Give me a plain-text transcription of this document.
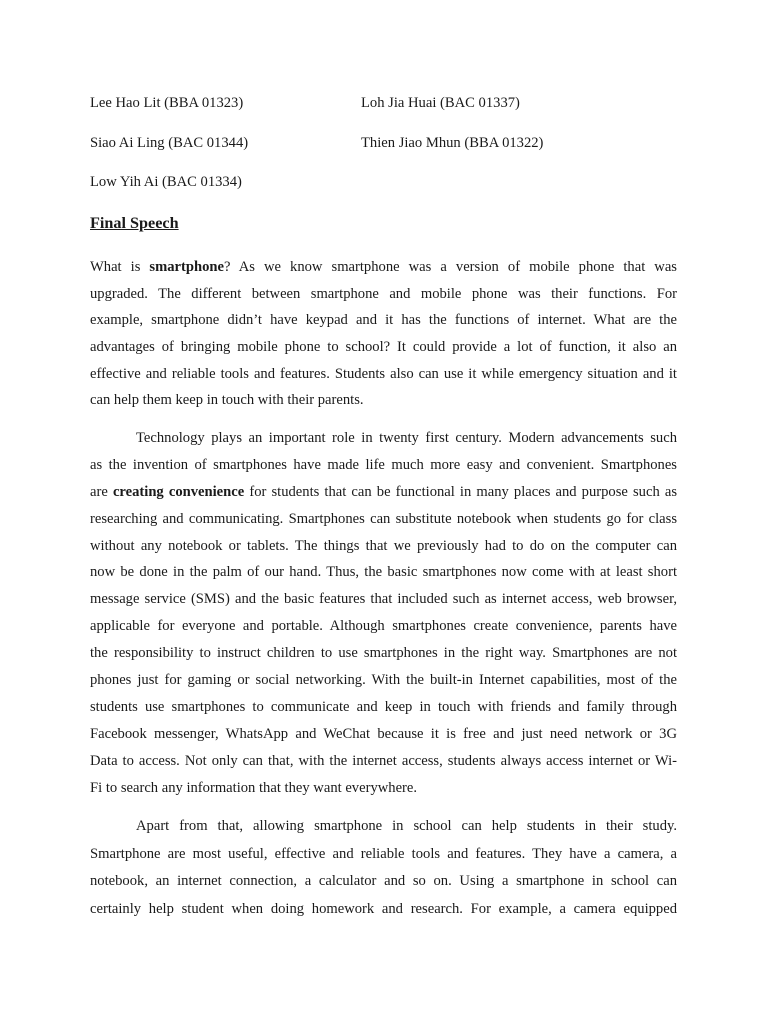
Lee Hao Lit (BBA 01323)	Loh Jia Huai (BAC 01337)
Siao Ai Ling (BAC 01344)	Thien Jiao Mhun (BBA 01322)
Low Yih Ai (BAC 01334)
Final Speech
What is smartphone? As we know smartphone was a version of mobile phone that was
upgraded. The different between smartphone and mobile phone was their functions. For
example, smartphone didn’t have keypad and it has the functions of internet. What are the
advantages of bringing mobile phone to school? It could provide a lot of function, it also an
effective and reliable tools and features. Students also can use it while emergency situation and it
can help them keep in touch with their parents.
Technology plays an important role in twenty first century. Modern advancements such
as the invention of smartphones have made life much more easy and convenient. Smartphones
are creating convenience for students that can be functional in many places and purpose such as
researching and communicating. Smartphones can substitute notebook when students go for class
without any notebook or tablets. The things that we previously had to do on the computer can
now be done in the palm of our hand. Thus, the basic smartphones now come with at least short
message service (SMS) and the basic features that included such as internet access, web browser,
applicable for everyone and portable. Although smartphones create convenience, parents have
the responsibility to instruct children to use smartphones in the right way. Smartphones are not
phones just for gaming or social networking. With the built-in Internet capabilities, most of the
students use smartphones to communicate and keep in touch with friends and family through
Facebook messenger, WhatsApp and WeChat because it is free and just need network or 3G
Data to access. Not only can that, with the internet access, students always access internet or Wi-
Fi to search any information that they want everywhere.
Apart from that, allowing smartphone in school can help students in their study.
Smartphone are most useful, effective and reliable tools and features. They have a camera, a
notebook, an internet connection, a calculator and so on. Using a smartphone in school can
certainly help student when doing homework and research. For example, a camera equipped
